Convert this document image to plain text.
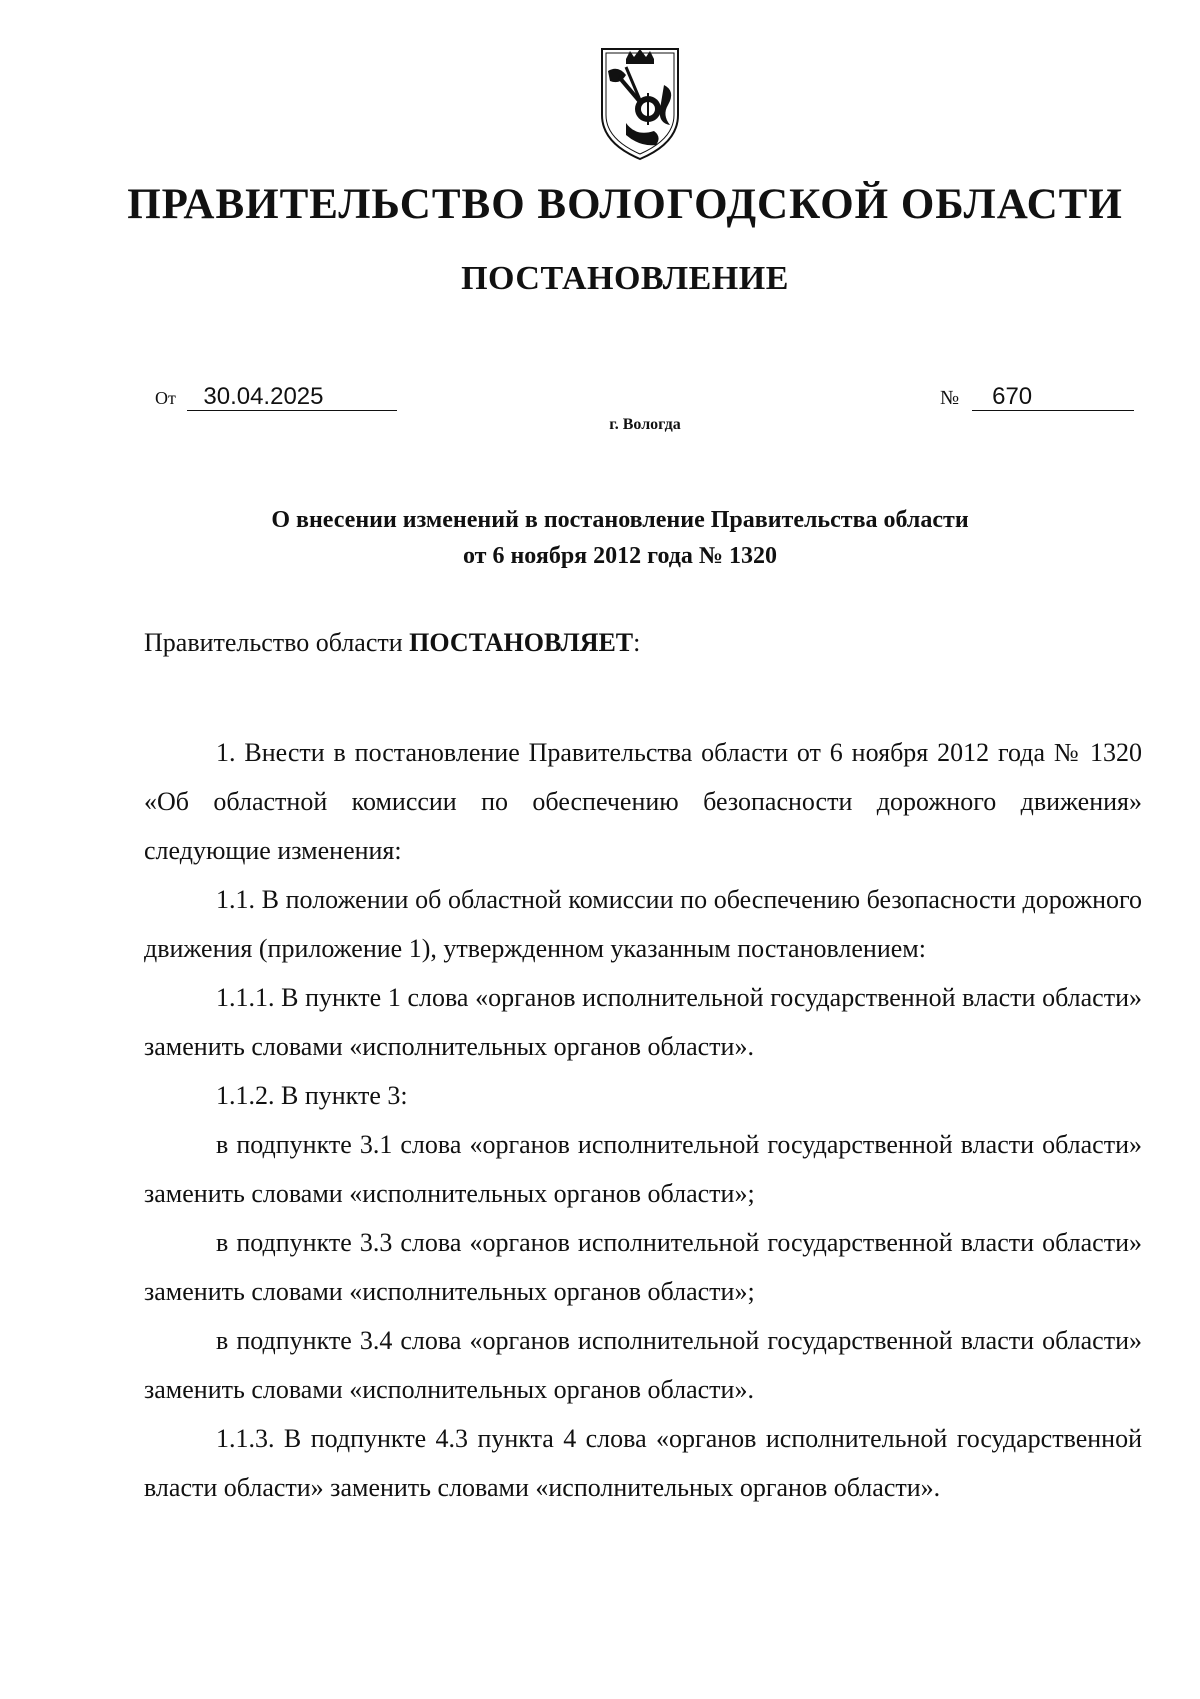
ПРАВИТЕЛЬСТВО ВОЛОГОДСКОЙ ОБЛАСТИ
ПОСТАНОВЛЕНИЕ
От 30.04.2025	№ 670
г. Вологда
О внесении изменений в постановление Правительства области
от 6 ноября 2012 года № 1320
Правительство области ПОСТАНОВЛЯЕТ:

1. Внести в постановление Правительства области от 6 ноября 2012 года № 1320 «Об областной комиссии по обеспечению безопасности дорожного движения» следующие изменения:

1.1. В положении об областной комиссии по обеспечению безопасности дорожного движения (приложение 1), утвержденном указанным постановлением:

1.1.1. В пункте 1 слова «органов исполнительной государственной власти области» заменить словами «исполнительных органов области».

1.1.2. В пункте 3:

в подпункте 3.1 слова «органов исполнительной государственной власти области» заменить словами «исполнительных органов области»;

в подпункте 3.3 слова «органов исполнительной государственной власти области» заменить словами «исполнительных органов области»;

в подпункте 3.4 слова «органов исполнительной государственной власти области» заменить словами «исполнительных органов области».

1.1.3. В подпункте 4.3 пункта 4 слова «органов исполнительной государственной власти области» заменить словами «исполнительных органов области».
